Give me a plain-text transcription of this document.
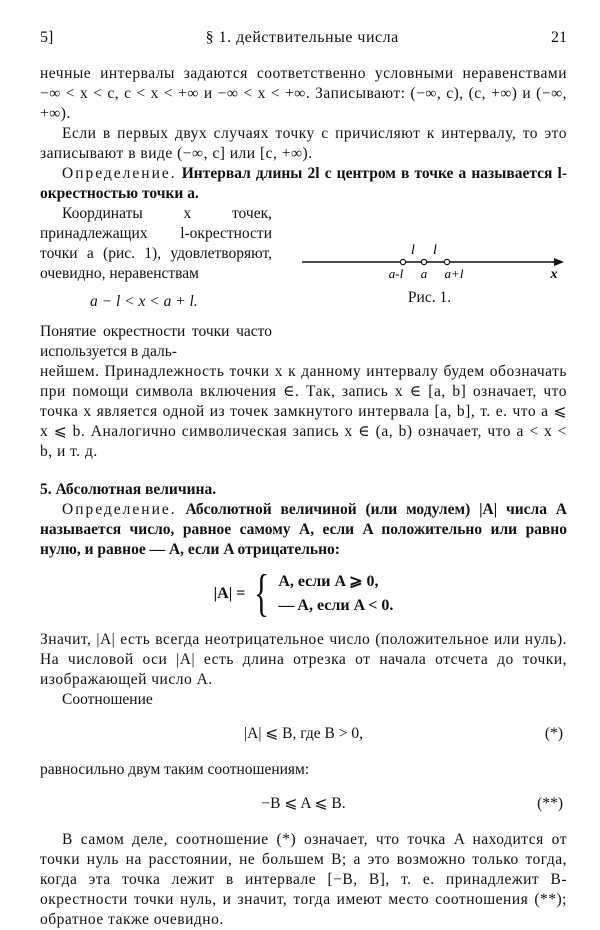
5]	§ 1. действительные числа	21

нечные интервалы задаются соответственно условными неравенствами −∞ < x < c, c < x < +∞ и −∞ < x < +∞. Записывают: (−∞, c), (c, +∞) и (−∞, +∞).

Если в первых двух случаях точку c причисляют к интервалу, то это записывают в виде (−∞, c] или [c, +∞).

Определение. Интервал длины 2l с центром в точке a называется l-окрестностью точки a.

Координаты x точек, принадлежащих l-окрестности точки a (рис. 1), удовлетворяют, очевидно, неравенствам

a − l < x < a + l.

Понятие окрестности точки часто используется в даль-

l l
a-l a a+l	x
Рис. 1.

нейшем. Принадлежность точки x к данному интервалу будем обозначать при помощи символа включения ∈. Так, запись x ∈ [a, b] означает, что точка x является одной из точек замкнутого интервала [a, b], т. е. что a ⩽ x ⩽ b. Аналогично символическая запись x ∈ (a, b) означает, что a < x < b, и т. д.

5. Абсолютная величина.

Определение. Абсолютной величиной (или модулем) |A| числа A называется число, равное самому A, если A положительно или равно нулю, и равное — A, если A отрицательно:

|A| = { A, если A ⩾ 0,
— A, если A < 0.

Значит, |A| есть всегда неотрицательное число (положительное или нуль). На числовой оси |A| есть длина отрезка от начала отсчета до точки, изображающей число A.

Соотношение

|A| ⩽ B, где B > 0,	(*)

равносильно двум таким соотношениям:

−B ⩽ A ⩽ B.	(**)

В самом деле, соотношение (*) означает, что точка A находится от точки нуль на расстоянии, не большем B; а это возможно только тогда, когда эта точка лежит в интервале [−B, B], т. е. принадлежит B-окрестности точки нуль, и значит, тогда имеют место соотношения (**); обратное также очевидно.
